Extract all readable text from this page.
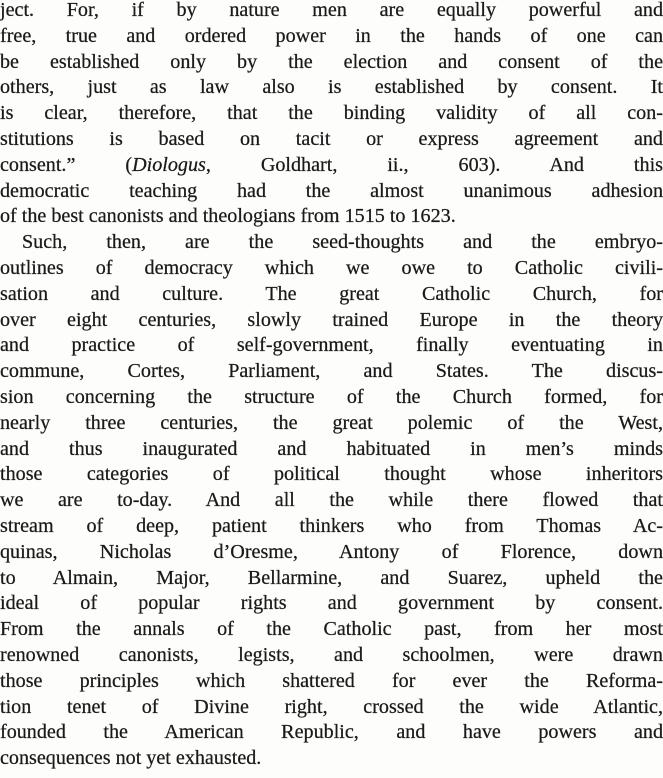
ject. For, if by nature men are equally powerful and
free, true and ordered power in the hands of one can
be established only by the election and consent of the
others, just as law also is established by consent. It
is clear, therefore, that the binding validity of all con-
stitutions is based on tacit or express agreement and
consent.” (Diologus, Goldhart, ii., 603). And this
democratic teaching had the almost unanimous adhesion
of the best canonists and theologians from 1515 to 1623.
Such, then, are the seed-thoughts and the embryo-
outlines of democracy which we owe to Catholic civili-
sation and culture. The great Catholic Church, for
over eight centuries, slowly trained Europe in the theory
and practice of self-government, finally eventuating in
commune, Cortes, Parliament, and States. The discus-
sion concerning the structure of the Church formed, for
nearly three centuries, the great polemic of the West,
and thus inaugurated and habituated in men’s minds
those categories of political thought whose inheritors
we are to-day. And all the while there flowed that
stream of deep, patient thinkers who from Thomas Ac-
quinas, Nicholas d’Oresme, Antony of Florence, down
to Almain, Major, Bellarmine, and Suarez, upheld the
ideal of popular rights and government by consent.
From the annals of the Catholic past, from her most
renowned canonists, legists, and schoolmen, were drawn
those principles which shattered for ever the Reforma-
tion tenet of Divine right, crossed the wide Atlantic,
founded the American Republic, and have powers and
consequences not yet exhausted.
